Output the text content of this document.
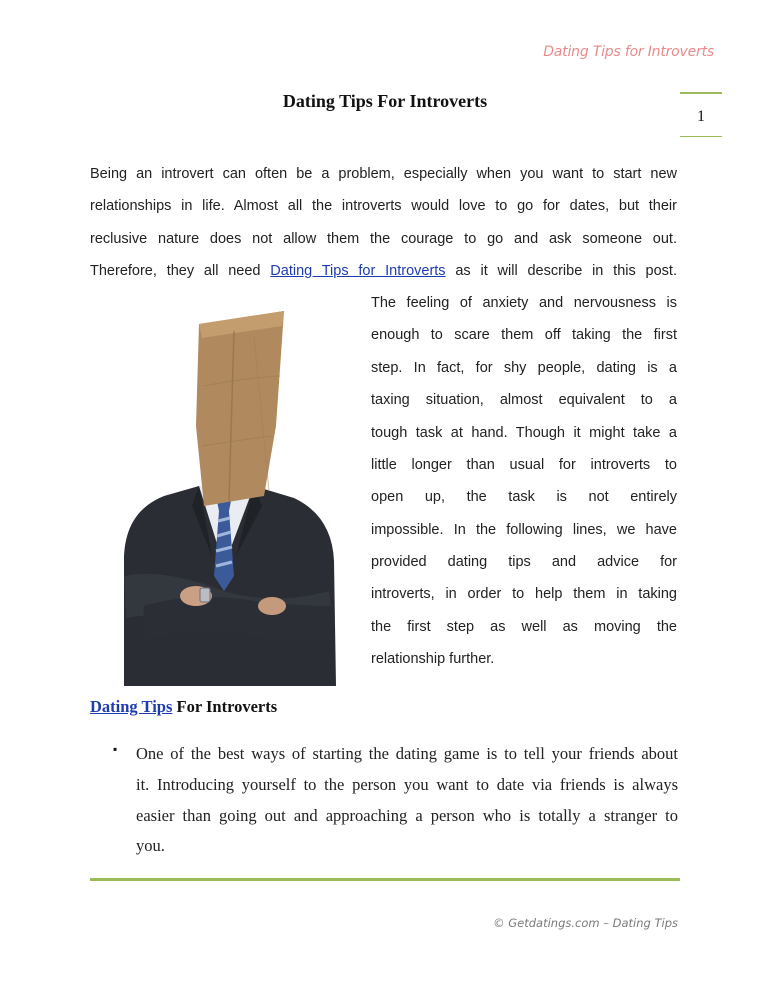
Dating Tips for Introverts
Dating Tips For Introverts
1
Being an introvert can often be a problem, especially when you want to start new
relationships in life. Almost all the introverts would love to go for dates, but their
reclusive nature does not allow them the courage to go and ask someone out.
Therefore, they all need Dating Tips for Introverts as it will describe in this post.
The feeling of anxiety and nervousness is
enough to scare them off taking the first
step. In fact, for shy people, dating is a
taxing situation, almost equivalent to a
tough task at hand. Though it might take a
little longer than usual for introverts to
open up, the task is not entirely
impossible. In the following lines, we have
provided dating tips and advice for
introverts, in order to help them in taking
the first step as well as moving the
relationship further.
Dating Tips For Introverts
▪ One of the best ways of starting the dating game is to tell your friends about
it. Introducing yourself to the person you want to date via friends is always
easier than going out and approaching a person who is totally a stranger to
you.
© Getdatings.com – Dating Tips
